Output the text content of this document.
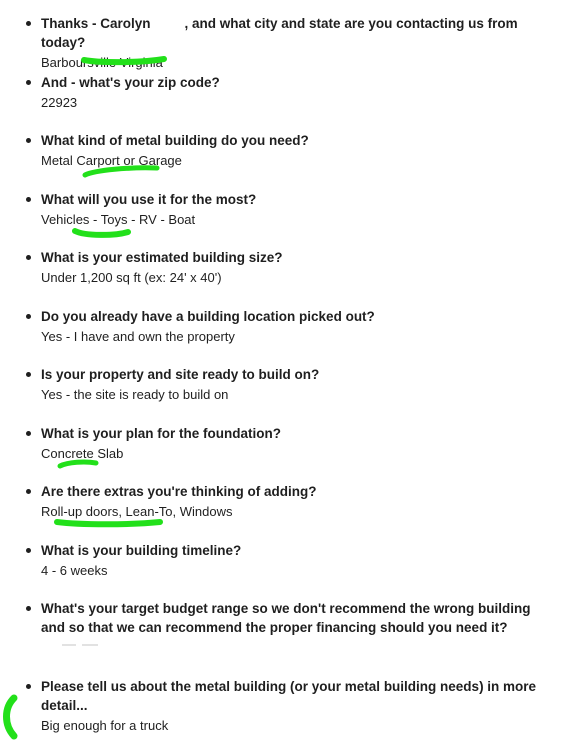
Thanks - Carolyn	, and what city and state are you contacting us from today?
Barboursville Virginia
And - what's your zip code?
22923
What kind of metal building do you need?
Metal Carport or Garage
What will you use it for the most?
Vehicles - Toys - RV - Boat
What is your estimated building size?
Under 1,200 sq ft (ex: 24' x 40')
Do you already have a building location picked out?
Yes - I have and own the property
Is your property and site ready to build on?
Yes - the site is ready to build on
What is your plan for the foundation?
Concrete Slab
Are there extras you're thinking of adding?
Roll-up doors, Lean-To, Windows
What is your building timeline?
4 - 6 weeks
What's your target budget range so we don't recommend the wrong building and so that we can recommend the proper financing should you need it?
Please tell us about the metal building (or your metal building needs) in more detail...
Big enough for a truck
